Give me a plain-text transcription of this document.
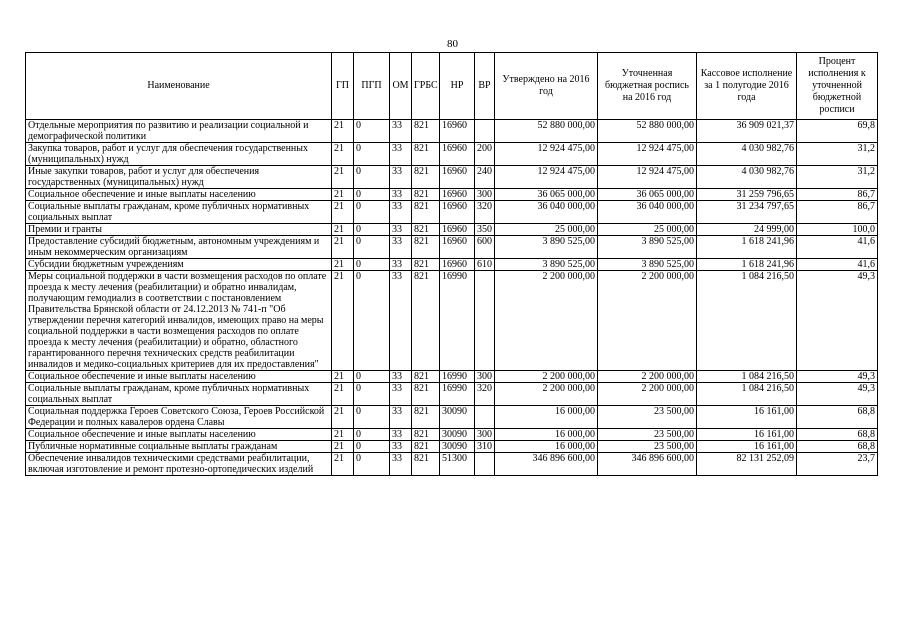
80
Наименование	ГП	ПГП	ОМ	ГРБС	НР	ВР	Утверждено на 2016 год	Уточненная бюджетная роспись на 2016 год	Кассовое исполнение за 1 полугодие 2016 года	Процент исполнения к уточненной бюджетной росписи
Отдельные мероприятия по развитию и реализации социальной и демографической политики	21	0	33	821	16960		52 880 000,00	52 880 000,00	36 909 021,37	69,8
Закупка товаров, работ и услуг для обеспечения государственных (муниципальных) нужд	21	0	33	821	16960	200	12 924 475,00	12 924 475,00	4 030 982,76	31,2
Иные закупки товаров, работ и услуг для обеспечения государственных (муниципальных) нужд	21	0	33	821	16960	240	12 924 475,00	12 924 475,00	4 030 982,76	31,2
Социальное обеспечение и иные выплаты населению	21	0	33	821	16960	300	36 065 000,00	36 065 000,00	31 259 796,65	86,7
Социальные выплаты гражданам, кроме публичных нормативных социальных выплат	21	0	33	821	16960	320	36 040 000,00	36 040 000,00	31 234 797,65	86,7
Премии и гранты	21	0	33	821	16960	350	25 000,00	25 000,00	24 999,00	100,0
Предоставление субсидий бюджетным, автономным учреждениям и иным некоммерческим организациям	21	0	33	821	16960	600	3 890 525,00	3 890 525,00	1 618 241,96	41,6
Субсидии бюджетным учреждениям	21	0	33	821	16960	610	3 890 525,00	3 890 525,00	1 618 241,96	41,6
Меры социальной поддержки в части возмещения расходов по оплате проезда к месту лечения (реабилитации) и обратно инвалидам, получающим гемодиализ в соответствии с постановлением Правительства Брянской области от 24.12.2013 № 741-п "Об утверждении перечня категорий инвалидов, имеющих право на меры социальной поддержки в части возмещения расходов по оплате проезда к месту лечения (реабилитации) и обратно, областного гарантированного перечня технических средств реабилитации инвалидов и медико-социальных критериев для их предоставления"	21	0	33	821	16990		2 200 000,00	2 200 000,00	1 084 216,50	49,3
Социальное обеспечение и иные выплаты населению	21	0	33	821	16990	300	2 200 000,00	2 200 000,00	1 084 216,50	49,3
Социальные выплаты гражданам, кроме публичных нормативных социальных выплат	21	0	33	821	16990	320	2 200 000,00	2 200 000,00	1 084 216,50	49,3
Социальная поддержка Героев Советского Союза, Героев Российской Федерации и полных кавалеров ордена Славы	21	0	33	821	30090		16 000,00	23 500,00	16 161,00	68,8
Социальное обеспечение и иные выплаты населению	21	0	33	821	30090	300	16 000,00	23 500,00	16 161,00	68,8
Публичные нормативные социальные выплаты гражданам	21	0	33	821	30090	310	16 000,00	23 500,00	16 161,00	68,8
Обеспечение инвалидов техническими средствами реабилитации, включая изготовление и ремонт протезно-ортопедических изделий	21	0	33	821	51300		346 896 600,00	346 896 600,00	82 131 252,09	23,7
